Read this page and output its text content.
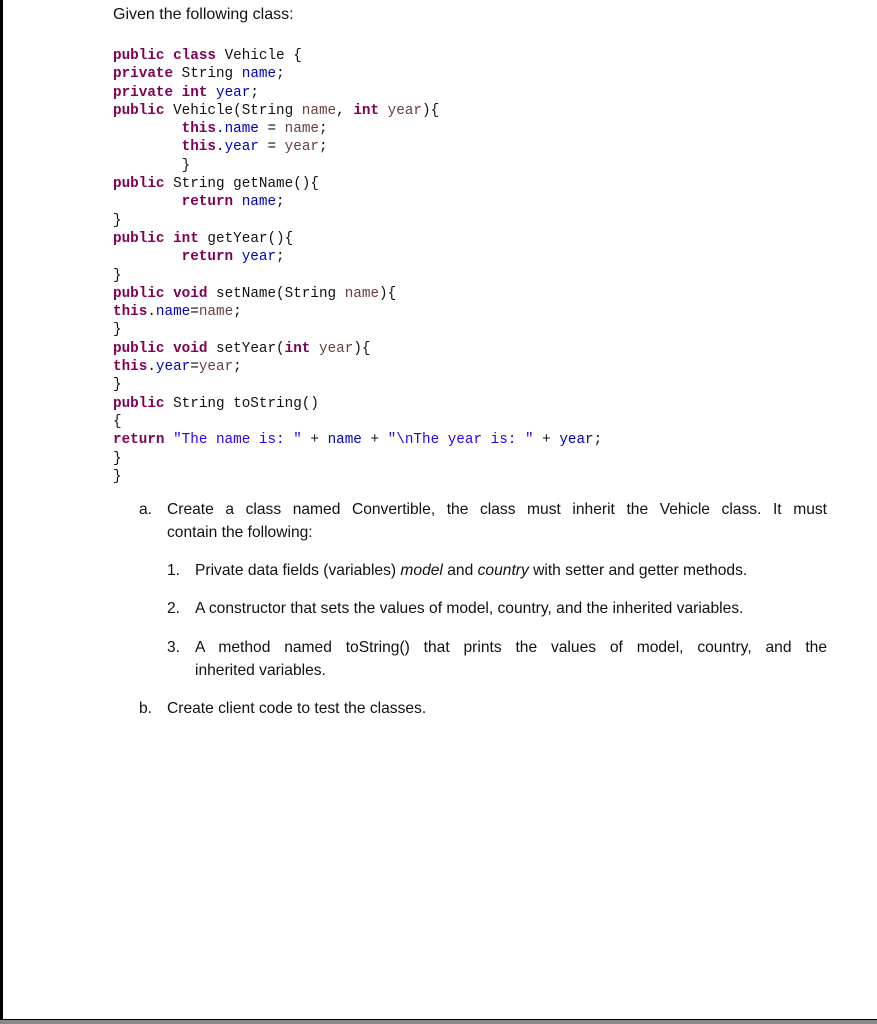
Given the following class:
public class Vehicle {
private String name;
private int year;
public Vehicle(String name, int year){
this.name = name;
this.year = year;
}
public String getName(){
return name;
}
public int getYear(){
return year;
}
public void setName(String name){
this.name=name;
}
public void setYear(int year){
this.year=year;
}
public String toString()
{
return "The name is: " + name + "\nThe year is: " + year;
}
}
a. Create a class named Convertible, the class must inherit the Vehicle class. It must
contain the following:
1. Private data fields (variables) model and country with setter and getter methods.
2. A constructor that sets the values of model, country, and the inherited variables.
3. A method named toString() that prints the values of model, country, and the
inherited variables.
b. Create client code to test the classes.
